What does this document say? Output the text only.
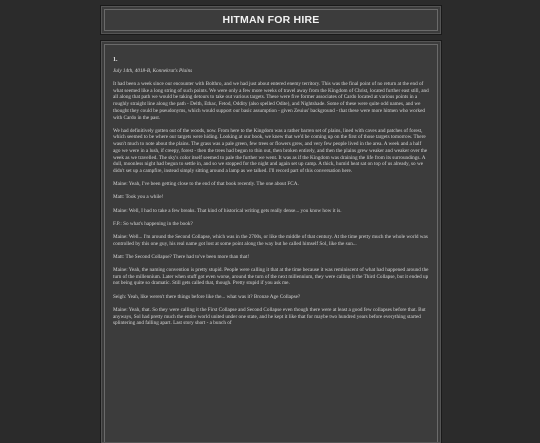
HITMAN FOR HIRE
1.
July 14th, 4018-B, Konnekrat's Plains

It had been a week since our encounter with Bolthro, and we had just about entered enemy territory. This was the final point of no return at the end of what seemed like a long string of such points. We were only a few more weeks of travel away from the Kingdom of Christ, located further east still, and all along that path we would be taking detours to take out various targets. These were five former associates of Cardo located at various points in a roughly straight line along the path - Delth, Ethac, Fetod, Oddity (also spelled Odite), and Nightshade. Some of these were quite odd names, and we thought they could be pseudonyms, which would support our basic assumption - given Zeuius' background - that these were more hitmen who worked with Cardo in the past.

We had definitively gotten out of the woods, now. From here to the Kingdom was a rather barren set of plains, lined with caves and patches of forest, which seemed to be where our targets were hiding. Looking at our book, we knew that we'd be coming up on the first of those targets tomorrow. There wasn't much to note about the plains. The grass was a pale green, few trees or flowers grew, and very few people lived in the area. A week and a half ago we were in a lush, if creepy, forest - then the trees had begun to thin out, then broken entirely, and then the plains grew weaker and weaker over the week as we travelled. The sky's color itself seemed to pale the further we went. It was as if the Kingdom was draining the life from its surroundings. A dull, moonless night had begun to settle in, and so we stopped for the night and again set up camp. A thick, humid heat sat on top of us already, so we didn't set up a campfire, instead simply sitting around a lamp as we talked. I'll record part of this conversation here.

Maine: Yeah, I've been getting close to the end of that book recently. The one about FCA.

Matt: Took you a while!

Maine: Well, I had to take a few breaks. That kind of historical writing gets really dense... you know how it is.

F.P.: So what's happening in the book?

Maine: Well... I'm around the Second Collapse, which was in the 2700s, or like the middle of that century. At the time pretty much the whole world was controlled by this one guy, his real name got lost at some point along the way but he called himself Sol, like the sun...

Matt: The Second Collapse? There had to've been more than that!

Maine: Yeah, the naming convention is pretty stupid. People were calling it that at the time because it was reminiscent of what had happened around the turn of the millennium. Later when stuff got even worse, around the turn of the next millennium, they were calling it the Third Collapse, but it ended up not being quite so dramatic. Still gets called that, though. Pretty stupid if you ask me.

Seigh: Yeah, like weren't there things before like the... what was it? Bronze Age Collapse?

Maine: Yeah, that. So they were calling it the First Collapse and Second Collapse even though there were at least a good few collapses before that. But anyways, Sol had pretty much the entire world united under one state, and he kept it like that for maybe two hundred years before everything started splintering and falling apart. Last story short - a bunch of
